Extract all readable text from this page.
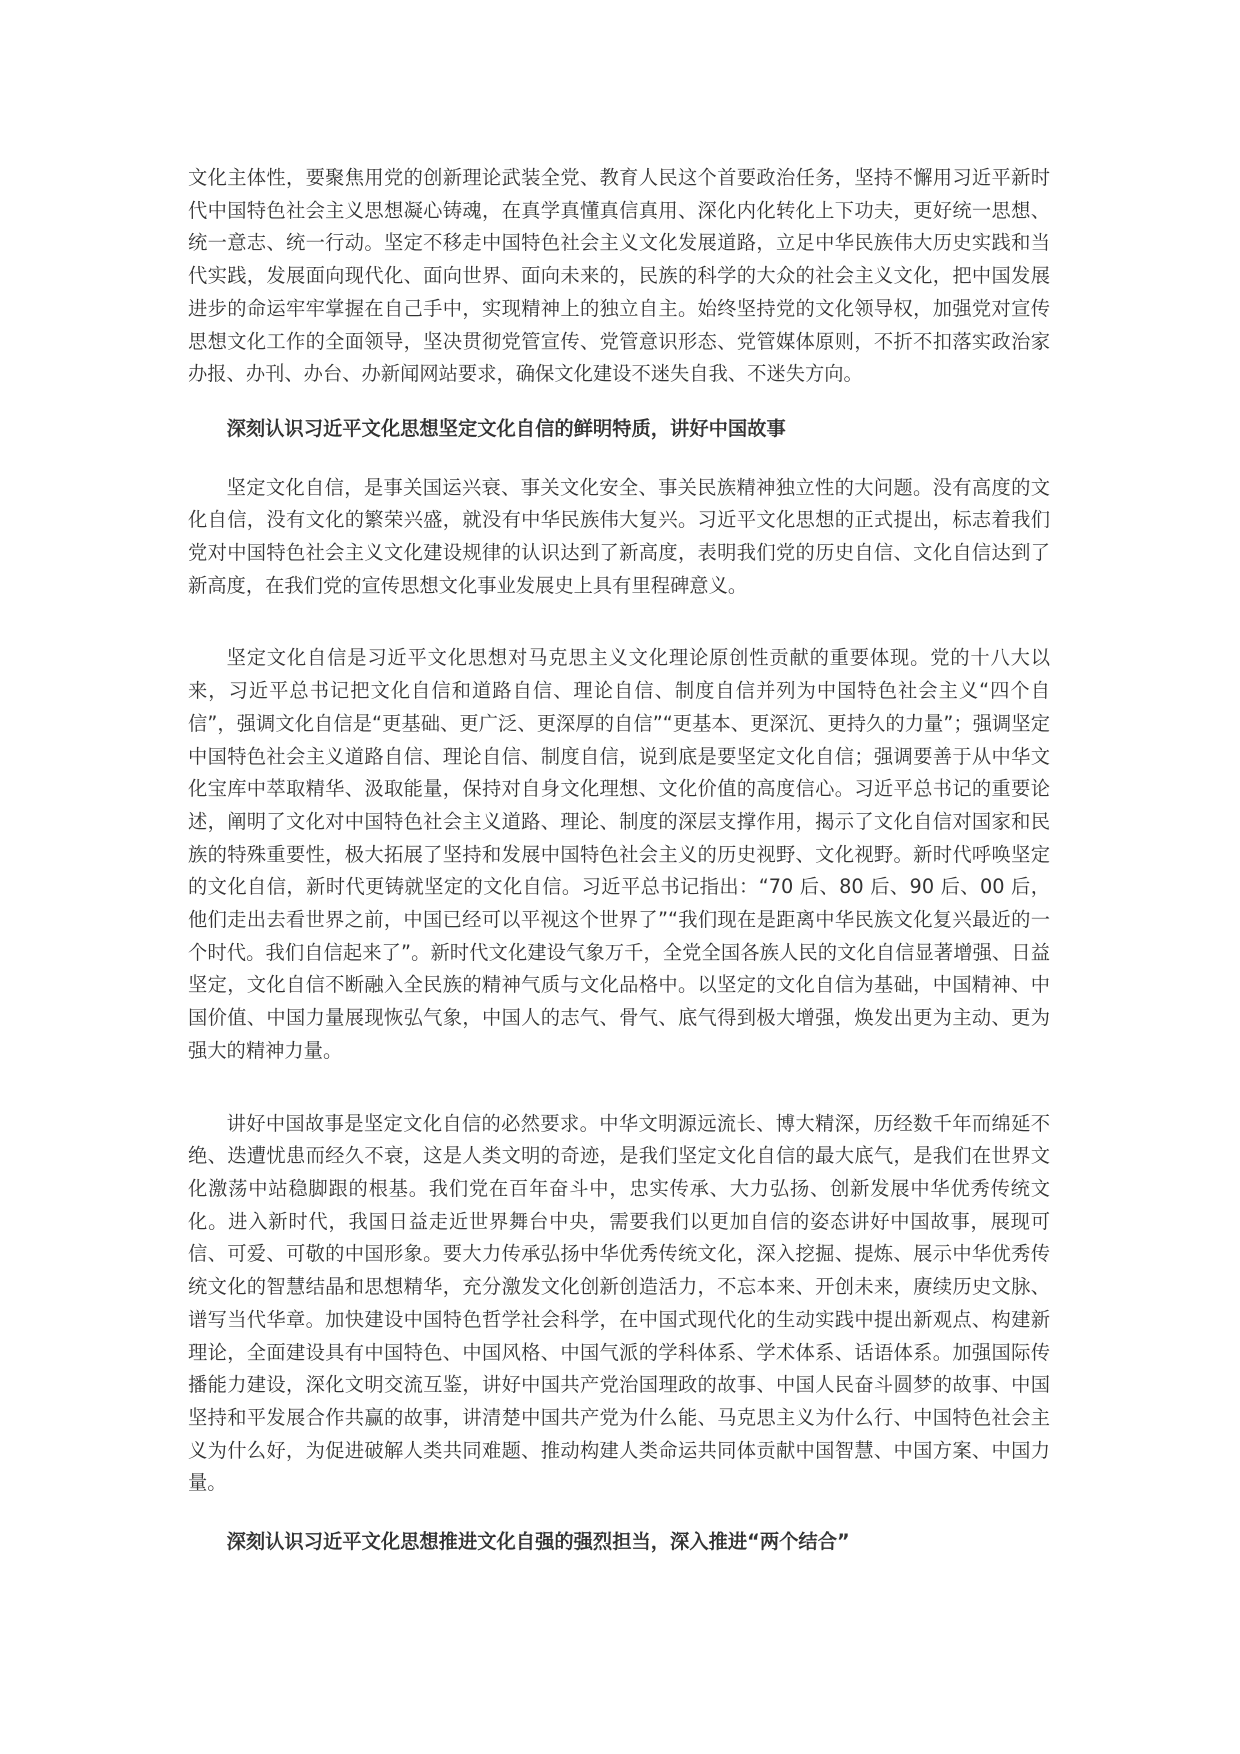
文化主体性，要聚焦用党的创新理论武装全党、教育人民这个首要政治任务，坚持不懈用习近平新时代中国特色社会主义思想凝心铸魂，在真学真懂真信真用、深化内化转化上下功夫，更好统一思想、统一意志、统一行动。坚定不移走中国特色社会主义文化发展道路，立足中华民族伟大历史实践和当代实践，发展面向现代化、面向世界、面向未来的，民族的科学的大众的社会主义文化，把中国发展进步的命运牢牢掌握在自己手中，实现精神上的独立自主。始终坚持党的文化领导权，加强党对宣传思想文化工作的全面领导，坚决贯彻党管宣传、党管意识形态、党管媒体原则，不折不扣落实政治家办报、办刊、办台、办新闻网站要求，确保文化建设不迷失自我、不迷失方向。

深刻认识习近平文化思想坚定文化自信的鲜明特质，讲好中国故事

坚定文化自信，是事关国运兴衰、事关文化安全、事关民族精神独立性的大问题。没有高度的文化自信，没有文化的繁荣兴盛，就没有中华民族伟大复兴。习近平文化思想的正式提出，标志着我们党对中国特色社会主义文化建设规律的认识达到了新高度，表明我们党的历史自信、文化自信达到了新高度，在我们党的宣传思想文化事业发展史上具有里程碑意义。

坚定文化自信是习近平文化思想对马克思主义文化理论原创性贡献的重要体现。党的十八大以来，习近平总书记把文化自信和道路自信、理论自信、制度自信并列为中国特色社会主义“四个自信”，强调文化自信是“更基础、更广泛、更深厚的自信”“更基本、更深沉、更持久的力量”；强调坚定中国特色社会主义道路自信、理论自信、制度自信，说到底是要坚定文化自信；强调要善于从中华文化宝库中萃取精华、汲取能量，保持对自身文化理想、文化价值的高度信心。习近平总书记的重要论述，阐明了文化对中国特色社会主义道路、理论、制度的深层支撑作用，揭示了文化自信对国家和民族的特殊重要性，极大拓展了坚持和发展中国特色社会主义的历史视野、文化视野。新时代呼唤坚定的文化自信，新时代更铸就坚定的文化自信。习近平总书记指出：“70 后、80 后、90 后、00 后，他们走出去看世界之前，中国已经可以平视这个世界了”“我们现在是距离中华民族文化复兴最近的一个时代。我们自信起来了”。新时代文化建设气象万千，全党全国各族人民的文化自信显著增强、日益坚定，文化自信不断融入全民族的精神气质与文化品格中。以坚定的文化自信为基础，中国精神、中国价值、中国力量展现恢弘气象，中国人的志气、骨气、底气得到极大增强，焕发出更为主动、更为强大的精神力量。

讲好中国故事是坚定文化自信的必然要求。中华文明源远流长、博大精深，历经数千年而绵延不绝、迭遭忧患而经久不衰，这是人类文明的奇迹，是我们坚定文化自信的最大底气，是我们在世界文化激荡中站稳脚跟的根基。我们党在百年奋斗中，忠实传承、大力弘扬、创新发展中华优秀传统文化。进入新时代，我国日益走近世界舞台中央，需要我们以更加自信的姿态讲好中国故事，展现可信、可爱、可敬的中国形象。要大力传承弘扬中华优秀传统文化，深入挖掘、提炼、展示中华优秀传统文化的智慧结晶和思想精华，充分激发文化创新创造活力，不忘本来、开创未来，赓续历史文脉、谱写当代华章。加快建设中国特色哲学社会科学，在中国式现代化的生动实践中提出新观点、构建新理论，全面建设具有中国特色、中国风格、中国气派的学科体系、学术体系、话语体系。加强国际传播能力建设，深化文明交流互鉴，讲好中国共产党治国理政的故事、中国人民奋斗圆梦的故事、中国坚持和平发展合作共赢的故事，讲清楚中国共产党为什么能、马克思主义为什么行、中国特色社会主义为什么好，为促进破解人类共同难题、推动构建人类命运共同体贡献中国智慧、中国方案、中国力量。

深刻认识习近平文化思想推进文化自强的强烈担当，深入推进“两个结合”
